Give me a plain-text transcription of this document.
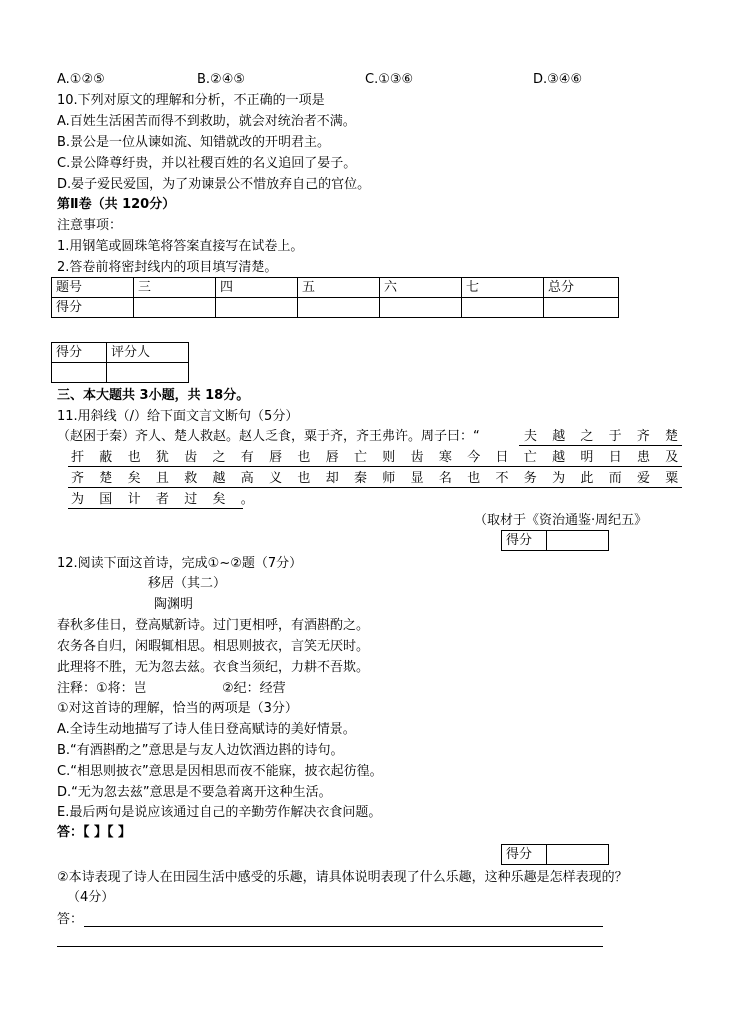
A.①②⑤	B.②④⑤	C.①③⑥	D.③④⑥
10.下列对原文的理解和分析，不正确的一项是
A.百姓生活困苦而得不到救助，就会对统治者不满。
B.景公是一位从谏如流、知错就改的开明君主。
C.景公降尊纡贵，并以社稷百姓的名义追回了晏子。
D.晏子爱民爱国，为了劝谏景公不惜放弃自己的官位。
第Ⅱ卷（共 120分）
注意事项：
1.用钢笔或圆珠笔将答案直接写在试卷上。
2.答卷前将密封线内的项目填写清楚。
题号	三	四	五	六	七	总分
得分						
得分	评分人

三、本大题共 3小题，共 18分。
11.用斜线（/）给下面文言文断句（5分）
（赵困于秦）齐人、楚人救赵。赵人乏食，粟于齐，齐王弗许。周子曰：“	夫越之于齐楚
扞蔽也犹齿之有唇也唇亡则齿寒今日亡越明日患及
齐楚矣且救越高义也却秦师显名也不务为此而爱粟
为国计者过矣。
（取材于《资治通鉴·周纪五》
得分	
12.阅读下面这首诗，完成①~②题（7分）
移居（其二）
陶渊明
春秋多佳日，登高赋新诗。过门更相呼，有酒斟酌之。
农务各自归，闲暇辄相思。相思则披衣，言笑无厌时。
此理将不胜，无为忽去兹。衣食当须纪，力耕不吾欺。
注释：①将：岂	②纪：经营
①对这首诗的理解，恰当的两项是（3分）
A.全诗生动地描写了诗人佳日登高赋诗的美好情景。
B.“有酒斟酌之”意思是与友人边饮酒边斟的诗句。
C.“相思则披衣”意思是因相思而夜不能寐，披衣起彷徨。
D.“无为忽去兹”意思是不要急着离开这种生活。
E.最后两句是说应该通过自己的辛勤劳作解决衣食问题。
答：【 】【 】
得分	
②本诗表现了诗人在田园生活中感受的乐趣，请具体说明表现了什么乐趣，这种乐趣是怎样表现的？
（4分）
答：
